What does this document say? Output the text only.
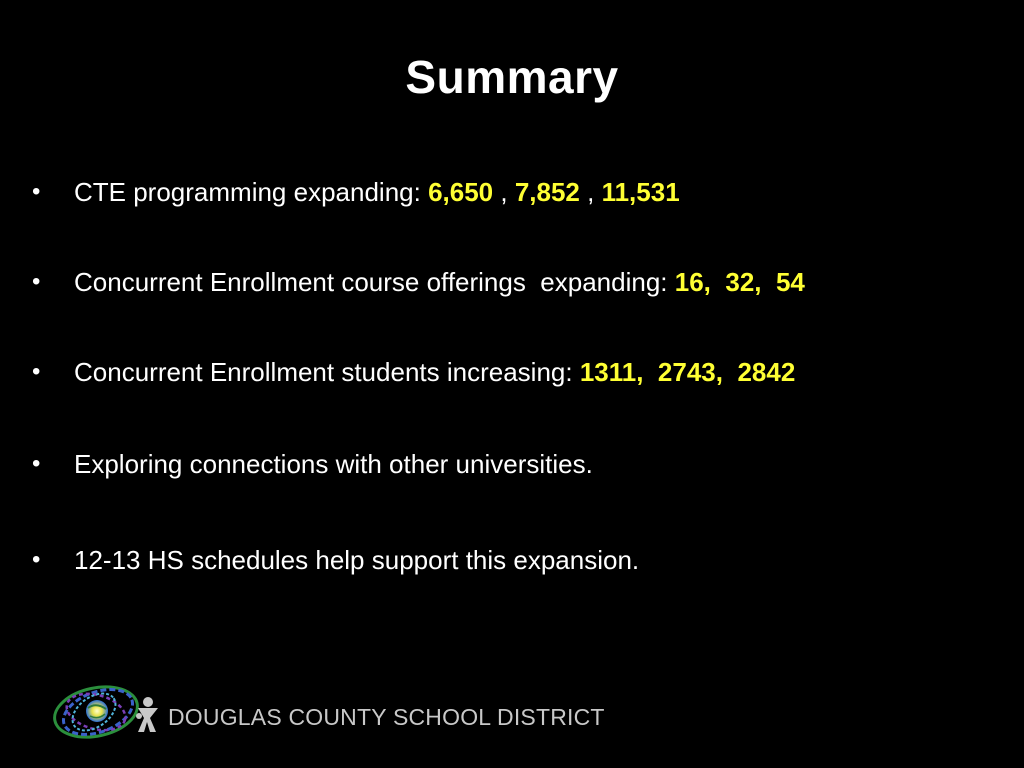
Summary
• CTE programming expanding: 6,650 , 7,852 , 11,531
• Concurrent Enrollment course offerings  expanding: 16, 32, 54
• Concurrent Enrollment students increasing: 1311, 2743, 2842
• Exploring connections with other universities.
• 12-13 HS schedules help support this expansion.
DOUGLAS COUNTY SCHOOL DISTRICT
